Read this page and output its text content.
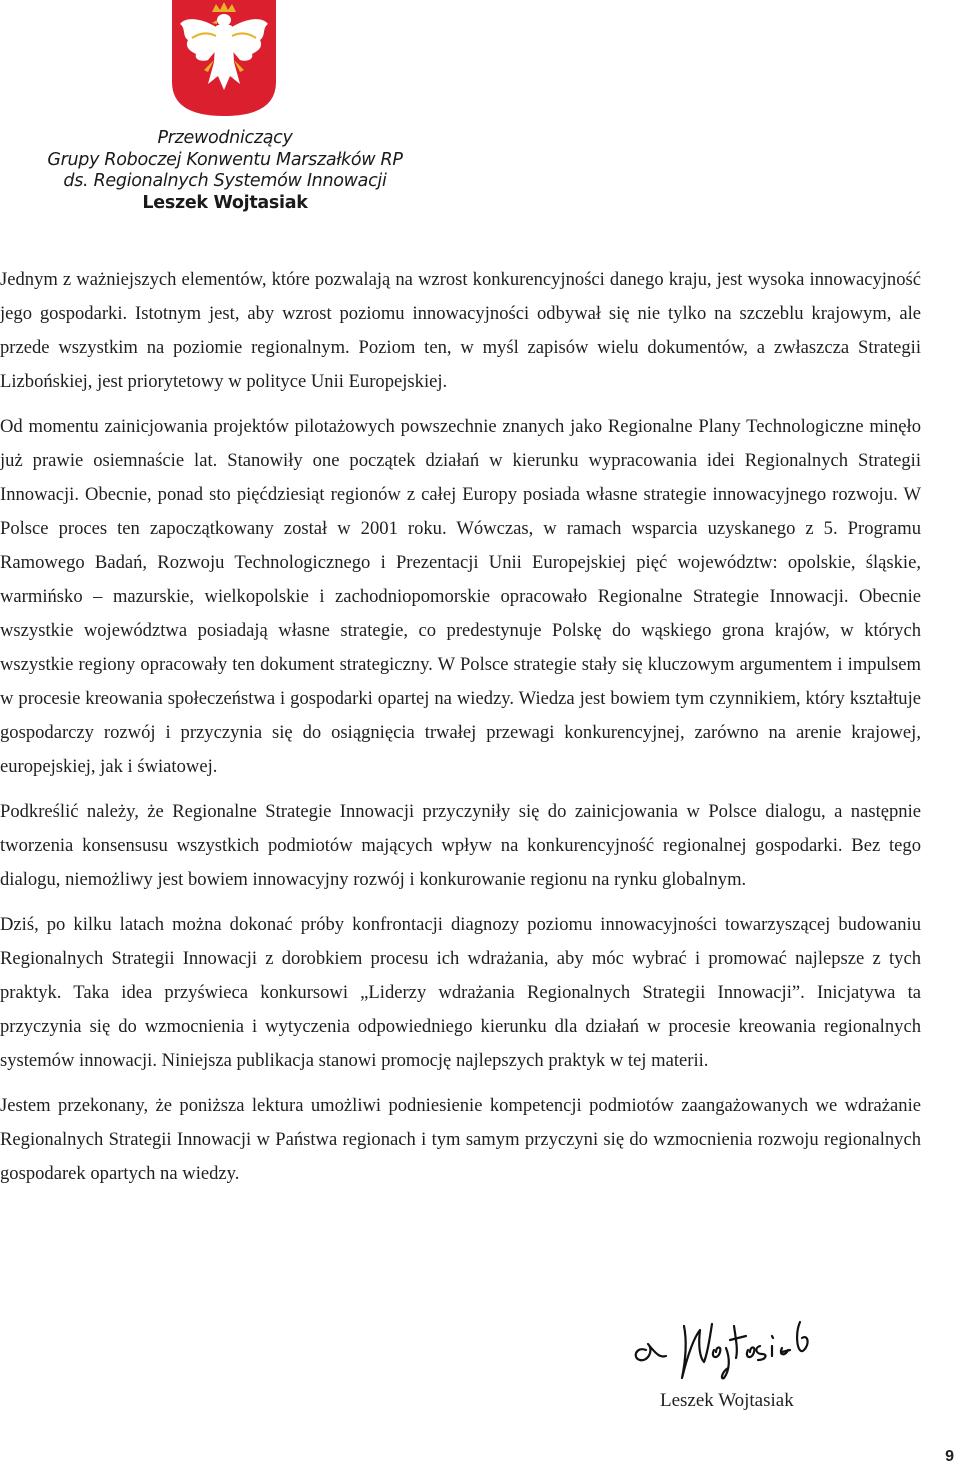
Przewodniczący
Grupy Roboczej Konwentu Marszałków RP
ds. Regionalnych Systemów Innowacji
Leszek Wojtasiak

Jednym z ważniejszych elementów, które pozwalają na wzrost konkurencyjności danego kraju, jest wysoka innowacyjność jego gospodarki. Istotnym jest, aby wzrost poziomu innowacyjności odbywał się nie tylko na szczeblu krajowym, ale przede wszystkim na poziomie regionalnym. Poziom ten, w myśl zapisów wielu dokumentów, a zwłaszcza Strategii Lizbońskiej, jest priorytetowy w polityce Unii Europejskiej.

Od momentu zainicjowania projektów pilotażowych powszechnie znanych jako Regionalne Plany Technologiczne minęło już prawie osiemnaście lat. Stanowiły one początek działań w kierunku wypracowania idei Regionalnych Strategii Innowacji. Obecnie, ponad sto pięćdziesiąt regionów z całej Europy posiada własne strategie innowacyjnego rozwoju. W Polsce proces ten zapoczątkowany został w 2001 roku. Wówczas, w ramach wsparcia uzyskanego z 5. Programu Ramowego Badań, Rozwoju Technologicznego i Prezentacji Unii Europejskiej pięć województw: opolskie, śląskie, warmińsko – mazurskie, wielkopolskie i zachodniopomorskie opracowało Regionalne Strategie Innowacji. Obecnie wszystkie województwa posiadają własne strategie, co predestynuje Polskę do wąskiego grona krajów, w których wszystkie regiony opracowały ten dokument strategiczny. W Polsce strategie stały się kluczowym argumentem i impulsem w procesie kreowania społeczeństwa i gospodarki opartej na wiedzy. Wiedza jest bowiem tym czynnikiem, który kształtuje gospodarczy rozwój i przyczynia się do osiągnięcia trwałej przewagi konkurencyjnej, zarówno na arenie krajowej, europejskiej, jak i światowej.

Podkreślić należy, że Regionalne Strategie Innowacji przyczyniły się do zainicjowania w Polsce dialogu, a następnie tworzenia konsensusu wszystkich podmiotów mających wpływ na konkurencyjność regionalnej gospodarki. Bez tego dialogu, niemożliwy jest bowiem innowacyjny rozwój i konkurowanie regionu na rynku globalnym.

Dziś, po kilku latach można dokonać próby konfrontacji diagnozy poziomu innowacyjności towarzyszącej budowaniu Regionalnych Strategii Innowacji z dorobkiem procesu ich wdrażania, aby móc wybrać i promować najlepsze z tych praktyk. Taka idea przyświeca konkursowi „Liderzy wdrażania Regionalnych Strategii Innowacji”. Inicjatywa ta przyczynia się do wzmocnienia i wytyczenia odpowiedniego kierunku dla działań w procesie kreowania regionalnych systemów innowacji. Niniejsza publikacja stanowi promocję najlepszych praktyk w tej materii.

Jestem przekonany, że poniższa lektura umożliwi podniesienie kompetencji podmiotów zaangażowanych we wdrażanie Regionalnych Strategii Innowacji w Państwa regionach i tym samym przyczyni się do wzmocnienia rozwoju regionalnych gospodarek opartych na wiedzy.

Leszek Wojtasiak
9
